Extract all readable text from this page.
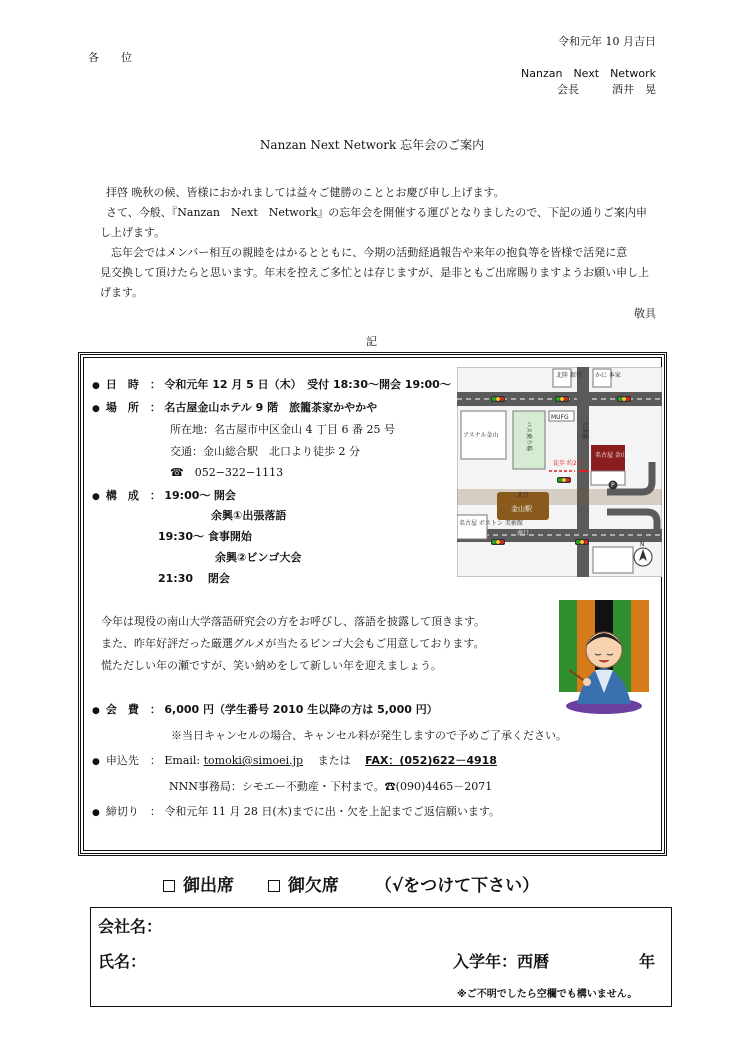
令和元年 10 月吉日
各　　位
Nanzan　Next　Network
会長　　　酒井　晃
Nanzan Next Network 忘年会のご案内
拝啓 晩秋の候、皆様におかれましては益々ご健勝のこととお慶び申し上げます。
さて、今般、『Nanzan　Next　Network』の忘年会を開催する運びとなりましたので、下記の通りご案内申
し上げます。
忘年会ではメンバー相互の親睦をはかるとともに、今期の活動経過報告や来年の抱負等を皆様で活発に意
見交換して頂けたらと思います。年末を控えご多忙とは存じますが、是非ともご出席賜りますようお願い申し上
げます。
敬具
記
● 日　時　： 令和元年 12 月 5 日（木）　受付 18:30～開会 19:00～
● 場　所　： 名古屋金山ホテル 9 階　旅籠茶家かやかや
所在地：名古屋市中区金山 4 丁目 6 番 25 号
交通：金山総合駅　北口より徒歩 2 分
☎　 052−322−1113
● 構　成　： 19:00～ 開会
余興①出張落語
19:30～ 食事開始
余興②ビンゴ大会
21:30　 閉会
今年は現役の南山大学落語研究会の方をお呼びし、落語を披露して頂きます。
また、昨年好評だった厳選グルメが当たるビンゴ大会もご用意しております。
慌ただしい年の瀬ですが、笑い納めをして新しい年を迎えましょう。
● 会　費　： 6,000 円（学生番号 2010 生以降の方は 5,000 円）
※当日キャンセルの場合、キャンセル料が発生しますので予めご了承ください。
● 申込先　： Email: tomoki@simoei.jp　 または　 FAX：(052)622－4918
NNN事務局：シモエー不動産・下村まで。☎(090)4465－2071
● 締切り　： 令和元年 11 月 28 日(木)までに出・欠を上記までご返信願います。
北陸 銀行 かに 本家
MUFG
アスナル金山	バス乗り場	大津通
名古屋 金山ホテル
徒歩 約2分
北口
金山駅
南口
名古屋 ボストン 美術館
N
P
御出席	御欠席 （√をつけて下さい）
会社名：
氏名：	入学年：西暦	年
※ご不明でしたら空欄でも構いません。
